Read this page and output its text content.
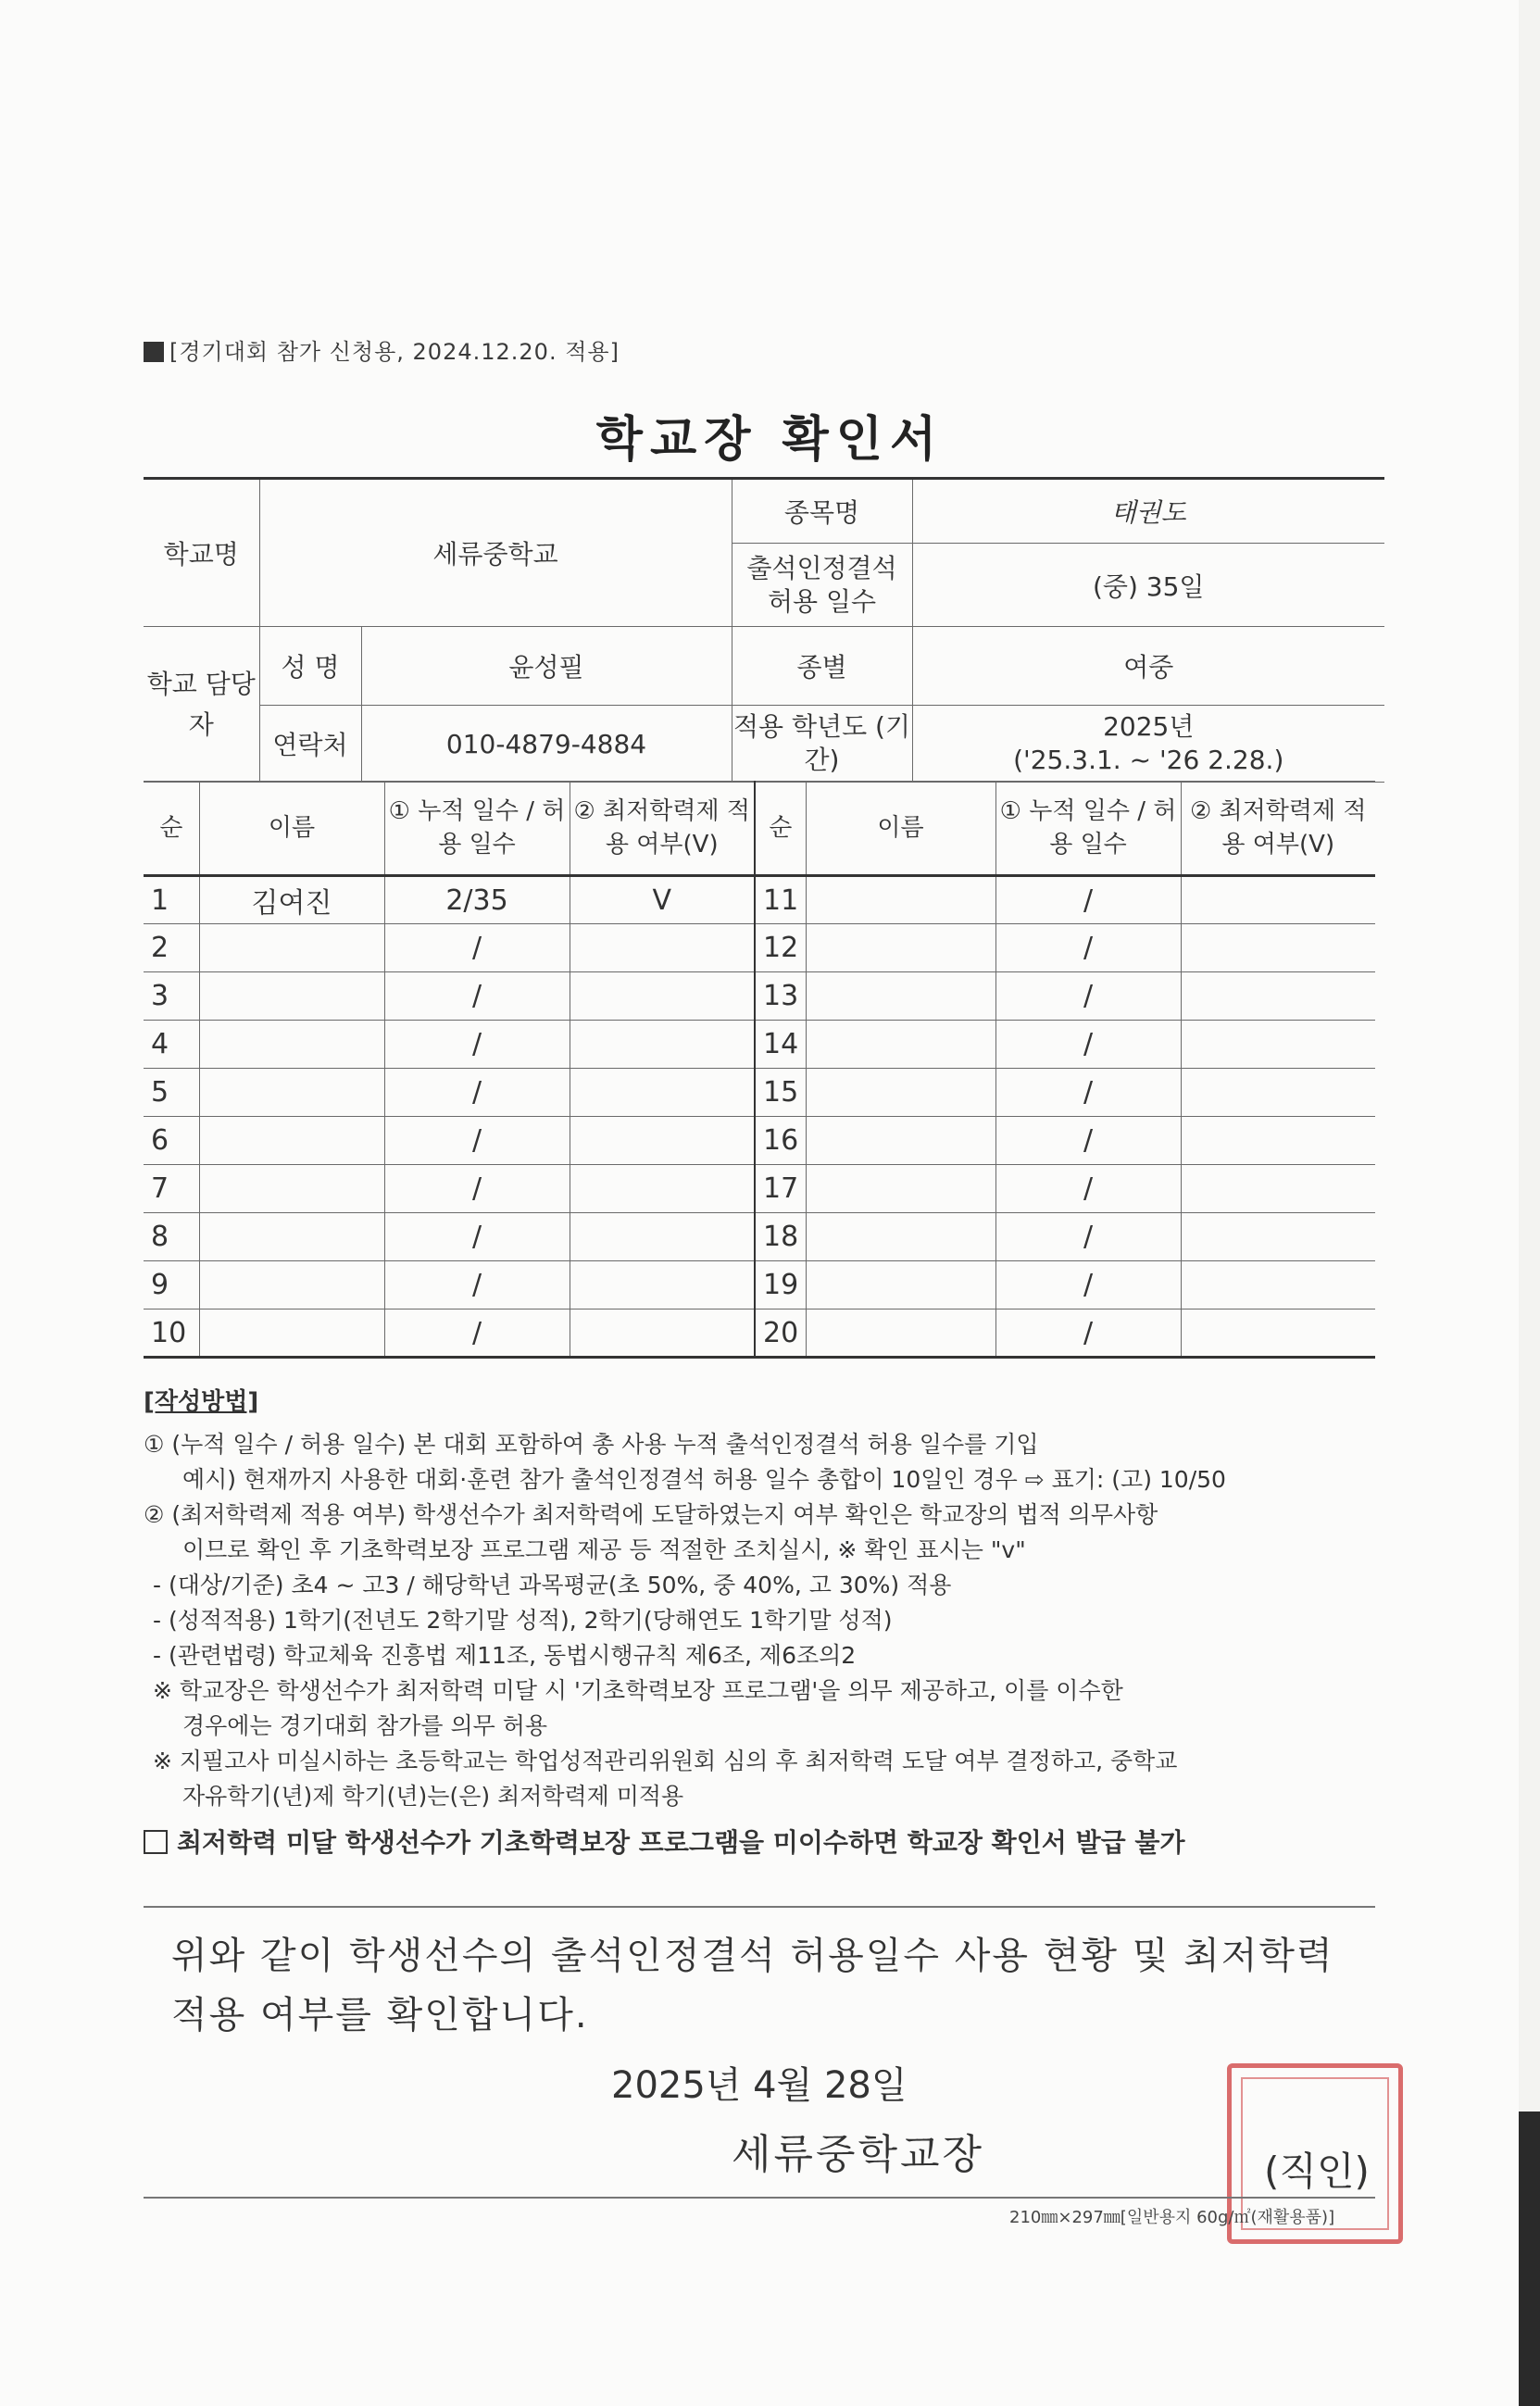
[경기대회 참가 신청용, 2024.12.20. 적용]
학교장 확인서
학교명	세류중학교		종목명	태권도
			출석인정결석 허용 일수	(중) 35일
학교 담당자	성 명	윤성필	종별	여중
	연락처	010-4879-4884	적용 학년도 (기간)	2025년
('25.3.1. ~ '26 2.28.)
순	이름	① 누적 일수 / 허용 일수	② 최저학력제 적용 여부(V)	순	이름	① 누적 일수 / 허용 일수	② 최저학력제 적용 여부(V)
1	김여진	2/35	V	11		/	
2		/		12		/	
3		/		13		/	
4		/		14		/	
5		/		15		/	
6		/		16		/	
7		/		17		/	
8		/		18		/	
9		/		19		/	
10		/		20		/	
[작성방법]

① (누적 일수 / 허용 일수) 본 대회 포함하여 총 사용 누적 출석인정결석 허용 일수를 기입

예시) 현재까지 사용한 대회·훈련 참가 출석인정결석 허용 일수 총합이 10일인 경우 ⇨ 표기: (고) 10/50

② (최저학력제 적용 여부) 학생선수가 최저학력에 도달하였는지 여부 확인은 학교장의 법적 의무사항

이므로 확인 후 기초학력보장 프로그램 제공 등 적절한 조치실시, ※ 확인 표시는 "v"

- (대상/기준) 초4 ~ 고3 / 해당학년 과목평균(초 50%, 중 40%, 고 30%) 적용

- (성적적용) 1학기(전년도 2학기말 성적), 2학기(당해연도 1학기말 성적)

- (관련법령) 학교체육 진흥법 제11조, 동법시행규칙 제6조, 제6조의2

※ 학교장은 학생선수가 최저학력 미달 시 '기초학력보장 프로그램'을 의무 제공하고, 이를 이수한

경우에는 경기대회 참가를 의무 허용

※ 지필고사 미실시하는 초등학교는 학업성적관리위원회 심의 후 최저학력 도달 여부 결정하고, 중학교

자유학기(년)제 학기(년)는(은) 최저학력제 미적용

최저학력 미달 학생선수가 기초학력보장 프로그램을 미이수하면 학교장 확인서 발급 불가

위와 같이 학생선수의 출석인정결석 허용일수 사용 현황 및 최저학력 적용 여부를 확인합니다.
2025년 4월 28일
세류중학교장	(직인)
210㎜×297㎜[일반용지 60g/㎡(재활용품)]
